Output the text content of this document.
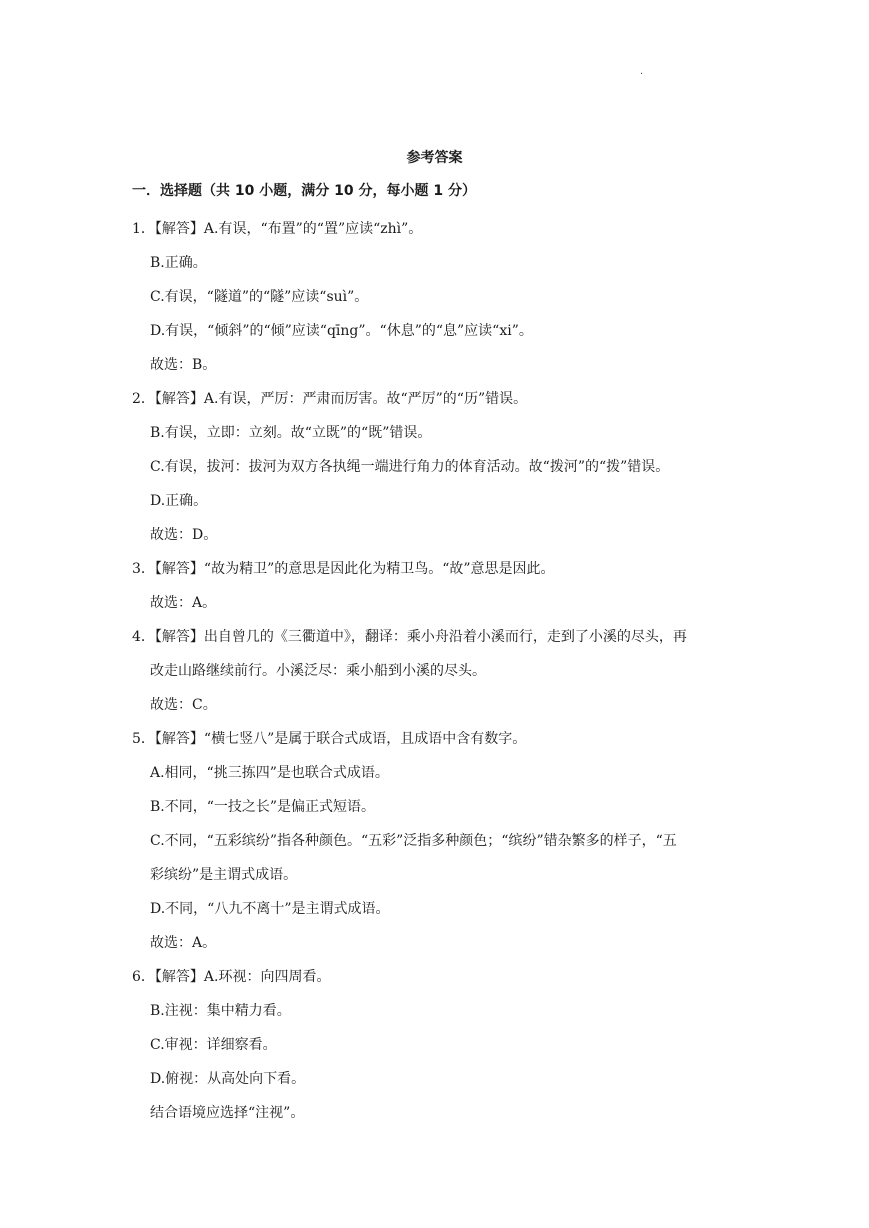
.
参考答案
一．选择题（共 10 小题，满分 10 分，每小题 1 分）
1．【解答】A.有误，“布置”的“置”应读“zhì”。
B.正确。
C.有误，“隧道”的“隧”应读“suì”。
D.有误，“倾斜”的“倾”应读“qīng”。“休息”的“息”应读“xi”。
故选：B。
2．【解答】A.有误，严厉：严肃而厉害。故“严厉”的“历”错误。
B.有误，立即：立刻。故“立既”的“既”错误。
C.有误，拔河：拔河为双方各执绳一端进行角力的体育活动。故“拨河”的“拨”错误。
D.正确。
故选：D。
3．【解答】“故为精卫”的意思是因此化为精卫鸟。“故”意思是因此。
故选：A。
4．【解答】出自曾几的《三衢道中》，翻译：乘小舟沿着小溪而行，走到了小溪的尽头，再
改走山路继续前行。小溪泛尽：乘小船到小溪的尽头。
故选：C。
5．【解答】“横七竖八”是属于联合式成语，且成语中含有数字。
A.相同，“挑三拣四”是也联合式成语。
B.不同，“一技之长”是偏正式短语。
C.不同，“五彩缤纷”指各种颜色。“五彩”泛指多种颜色；“缤纷”错杂繁多的样子，“五
彩缤纷”是主谓式成语。
D.不同，“八九不离十”是主谓式成语。
故选：A。
6．【解答】A.环视：向四周看。
B.注视：集中精力看。
C.审视：详细察看。
D.俯视：从高处向下看。
结合语境应选择“注视”。
